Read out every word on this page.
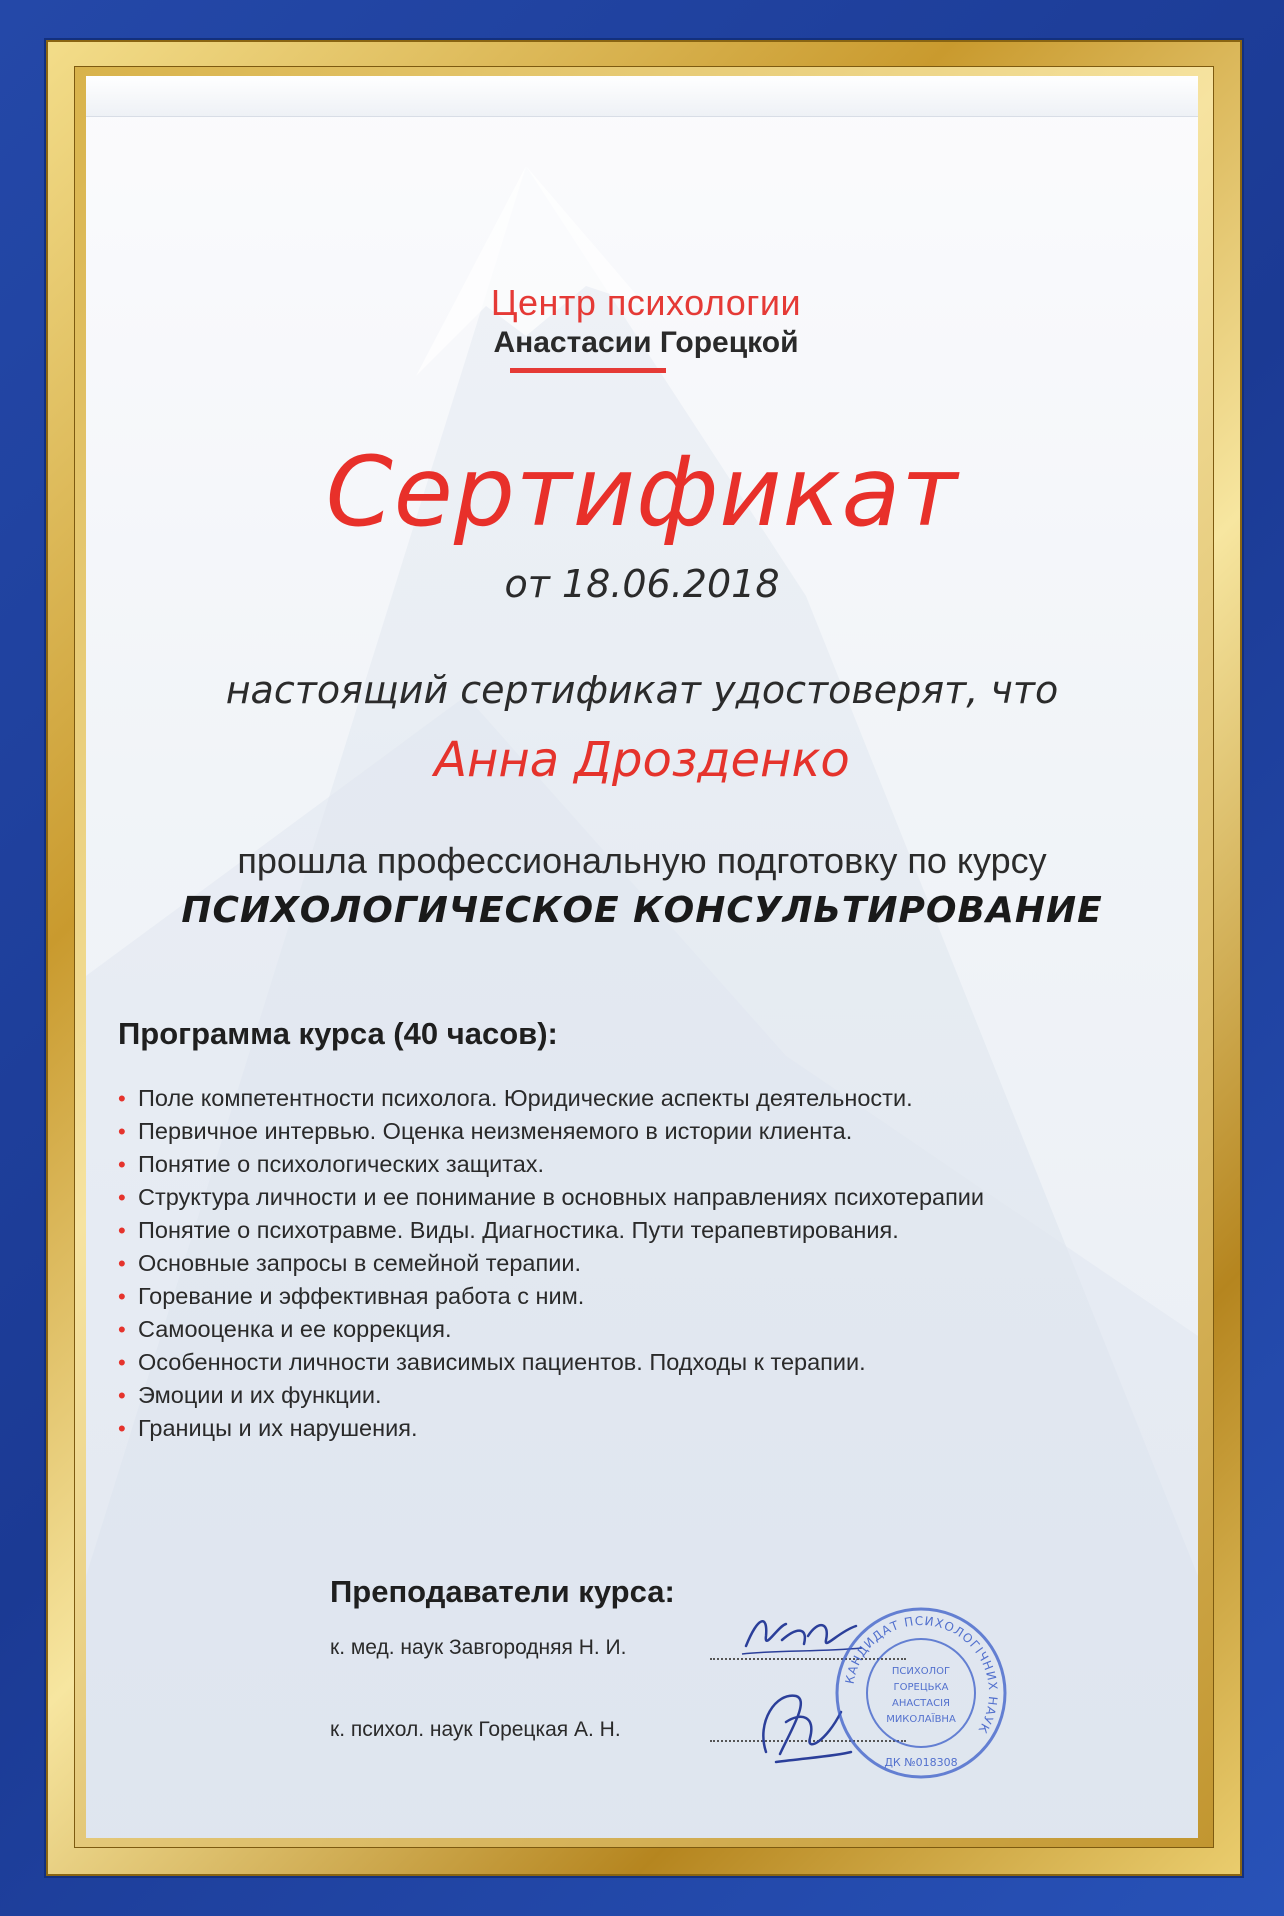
Центр психологии
Анастасии Горецкой
Сертификат
от 18.06.2018
настоящий сертификат удостоверят, что
Анна Дрозденко
прошла профессиональную подготовку по курсу
ПСИХОЛОГИЧЕСКОЕ КОНСУЛЬТИРОВАНИЕ
Программа курса (40 часов):
• Поле компетентности психолога. Юридические аспекты деятельности.
• Первичное интервью. Оценка неизменяемого в истории клиента.
• Понятие о психологических защитах.
• Структура личности и ее понимание в основных направлениях психотерапии
• Понятие о психотравме. Виды. Диагностика. Пути терапевтирования.
• Основные запросы в семейной терапии.
• Горевание и эффективная работа с ним.
• Самооценка и ее коррекция.
• Особенности личности зависимых пациентов. Подходы к терапии.
• Эмоции и их функции.
• Границы и их нарушения.
Преподаватели курса:
к. мед. наук Завгородняя Н. И.
к. психол. наук Горецкая А. Н.
КАНДИДАТ ПСИХОЛОГІЧНИХ НАУК
ПСИХОЛОГ
ГОРЕЦЬКА
АНАСТАСІЯ
МИКОЛАЇВНА
ДК №018308
